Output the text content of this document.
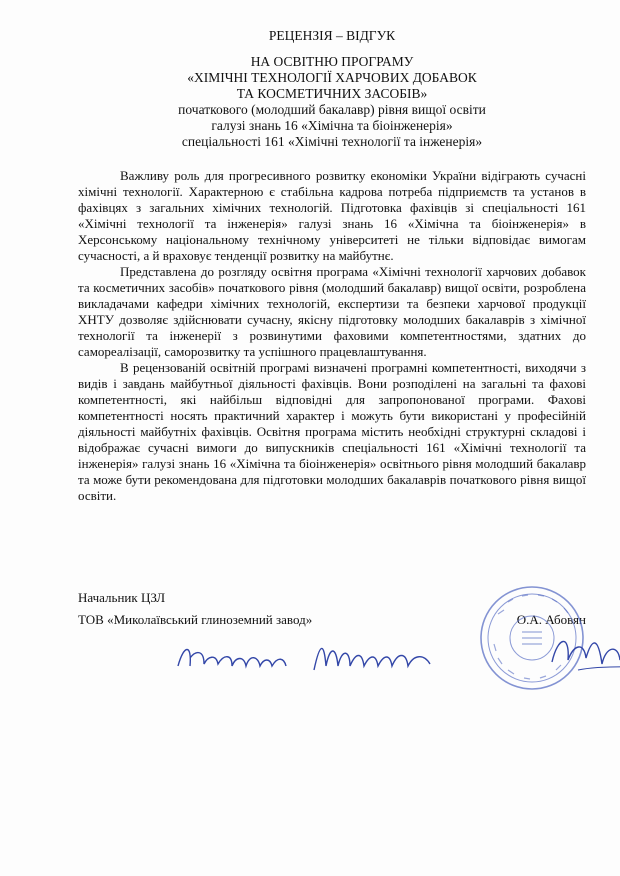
РЕЦЕНЗІЯ – ВІДГУК
НА ОСВІТНЮ ПРОГРАМУ
«ХІМІЧНІ ТЕХНОЛОГІЇ ХАРЧОВИХ ДОБАВОК
ТА КОСМЕТИЧНИХ ЗАСОБІВ»
початкового (молодший бакалавр) рівня вищої освіти
галузі знань 16 «Хімічна та біоінженерія»
спеціальності 161 «Хімічні технології та інженерія»

Важливу роль для прогресивного розвитку економіки України відіграють сучасні хімічні технології. Характерною є стабільна кадрова потреба підприємств та установ в фахівцях з загальних хімічних технологій. Підготовка фахівців зі спеціальності 161 «Хімічні технології та інженерія» галузі знань 16 «Хімічна та біоінженерія» в Херсонському національному технічному університеті не тільки відповідає вимогам сучасності, а й враховує тенденції розвитку на майбутнє.

Представлена до розгляду освітня програма «Хімічні технології харчових добавок та косметичних засобів» початкового рівня (молодший бакалавр) вищої освіти, розроблена викладачами кафедри хімічних технологій, експертизи та безпеки харчової продукції ХНТУ дозволяє здійснювати сучасну, якісну підготовку молодших бакалаврів з хімічної технології та інженерії з розвинутими фаховими компетентностями, здатних до самореалізації, саморозвитку та успішного працевлаштування.

В рецензованій освітній програмі визначені програмні компетентності, виходячи з видів і завдань майбутньої діяльності фахівців. Вони розподілені на загальні та фахові компетентності, які найбільш відповідні для запропонованої програми. Фахові компетентності носять практичний характер і можуть бути використані у професійній діяльності майбутніх фахівців. Освітня програма містить необхідні структурні складові і відображає сучасні вимоги до випускників спеціальності 161 «Хімічні технології та інженерія» галузі знань 16 «Хімічна та біоінженерія» освітнього рівня молодший бакалавр та може бути рекомендована для підготовки молодших бакалаврів початкового рівня вищої освіти.

Начальник ЦЗЛ
ТОВ «Миколаївський глиноземний завод»	О.А. Абовян
